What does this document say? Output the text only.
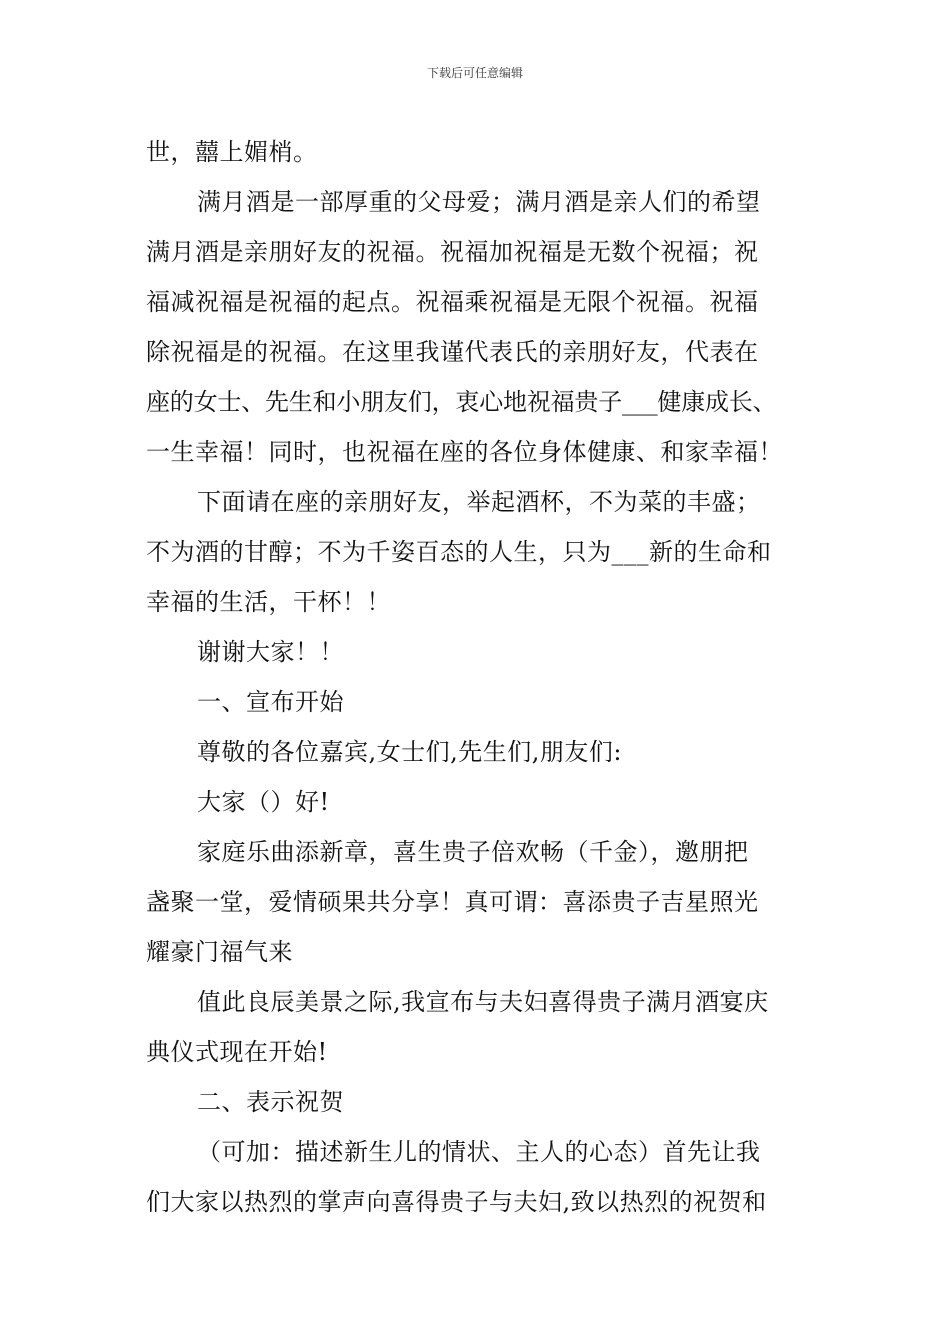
下载后可任意编辑
世，囍上媚梢。
满月酒是一部厚重的父母爱；满月酒是亲人们的希望
满月酒是亲朋好友的祝福。祝福加祝福是无数个祝福；祝
福减祝福是祝福的起点。祝福乘祝福是无限个祝福。祝福
除祝福是的祝福。在这里我谨代表氏的亲朋好友，代表在
座的女士、先生和小朋友们，衷心地祝福贵子___健康成长、
一生幸福！同时，也祝福在座的各位身体健康、和家幸福！
下面请在座的亲朋好友，举起酒杯，不为菜的丰盛；
不为酒的甘醇；不为千姿百态的人生，只为___新的生命和
幸福的生活，干杯！！
谢谢大家！！
一、宣布开始
尊敬的各位嘉宾,女士们,先生们,朋友们:
大家（）好!
家庭乐曲添新章，喜生贵子倍欢畅（千金），邀朋把
盏聚一堂，爱情硕果共分享！真可谓：喜添贵子吉星照光
耀豪门福气来
值此良辰美景之际,我宣布与夫妇喜得贵子满月酒宴庆
典仪式现在开始!
二、表示祝贺
（可加：描述新生儿的情状、主人的心态）首先让我
们大家以热烈的掌声向喜得贵子与夫妇,致以热烈的祝贺和
